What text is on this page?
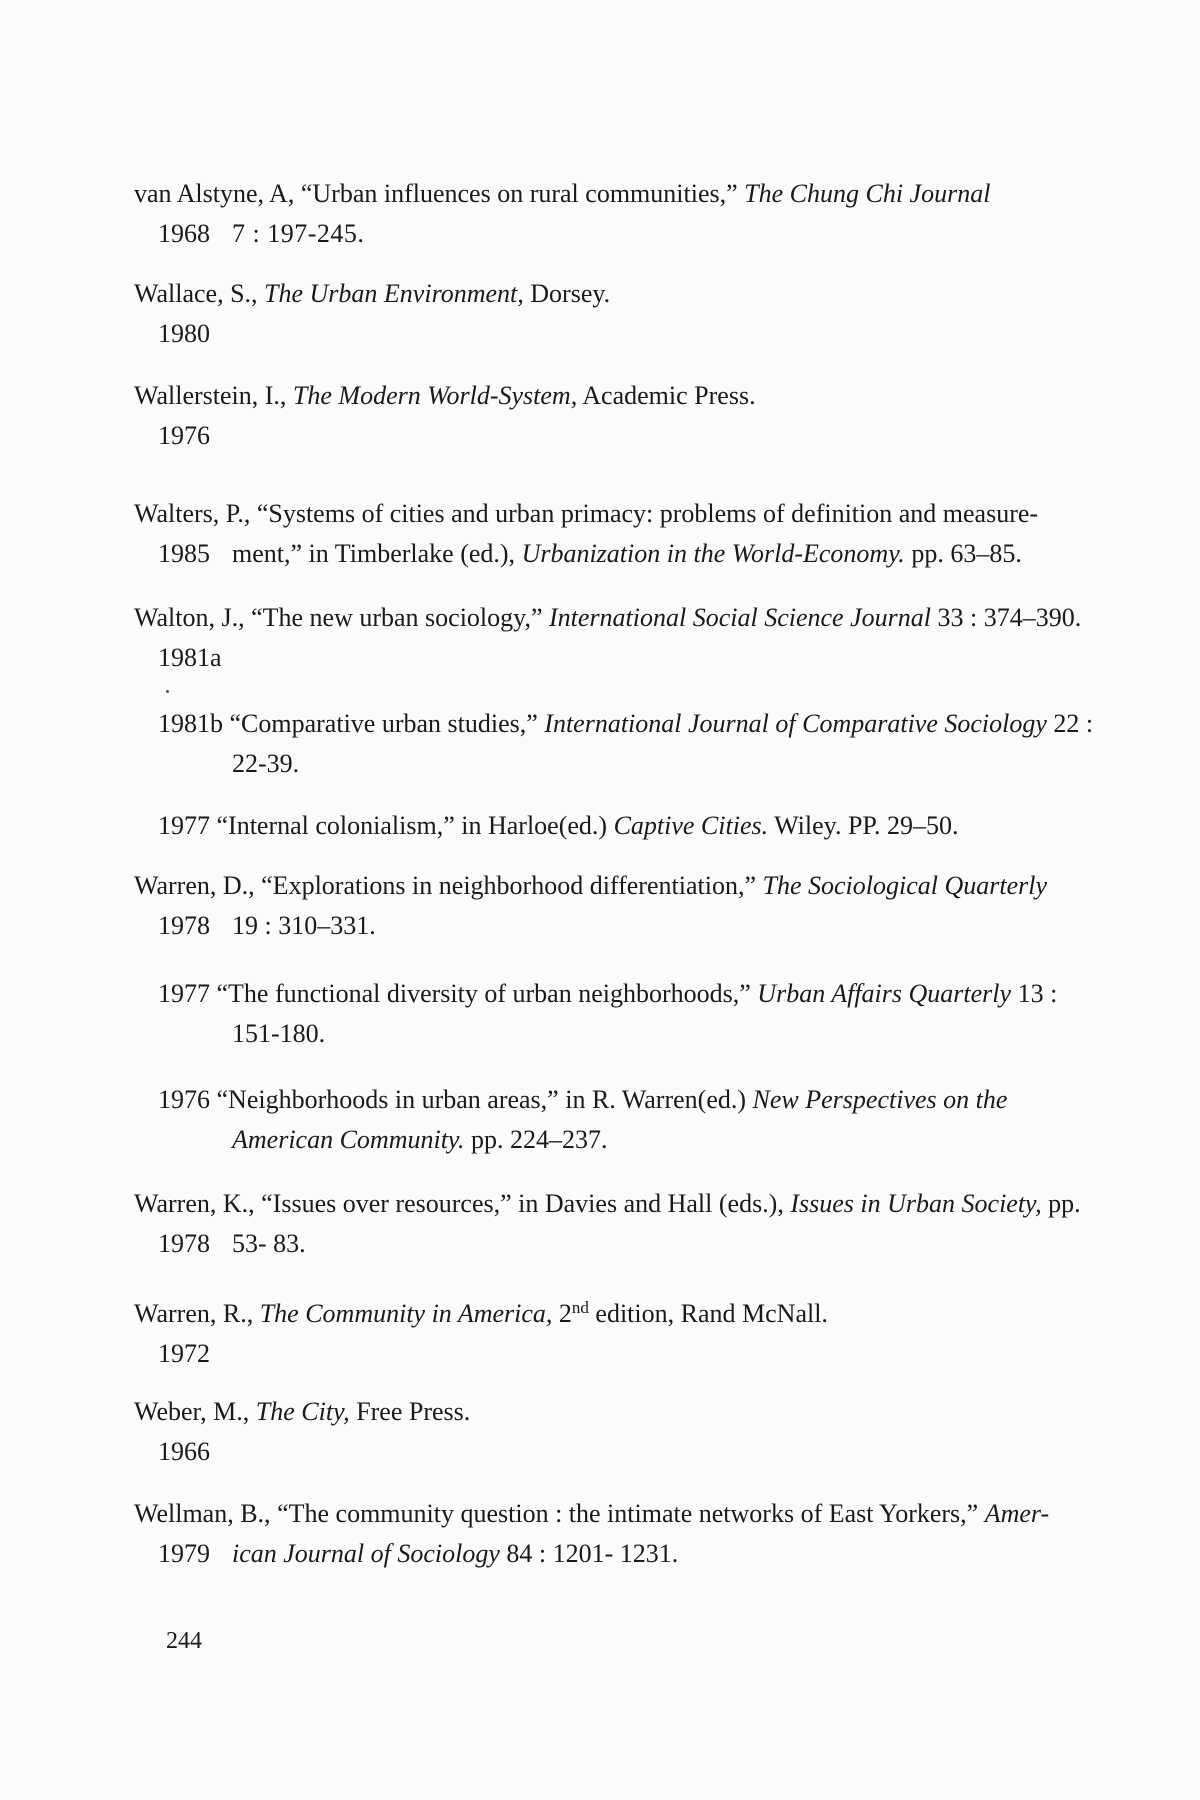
van Alstyne, A, “Urban influences on rural communities,” The Chung Chi Journal
1968 7 : 197-245.
Wallace, S., The Urban Environment, Dorsey.
1980
Wallerstein, I., The Modern World-System, Academic Press.
1976
Walters, P., “Systems of cities and urban primacy: problems of definition and measure-
1985 ment,” in Timberlake (ed.), Urbanization in the World-Economy. pp. 63–85.
Walton, J., “The new urban sociology,” International Social Science Journal 33 : 374–390.
1981a
1981b “Comparative urban studies,” International Journal of Comparative Sociology 22 :
22-39.
1977 “Internal colonialism,” in Harloe(ed.) Captive Cities. Wiley. PP. 29–50.
Warren, D., “Explorations in neighborhood differentiation,” The Sociological Quarterly
1978 19 : 310–331.
1977 “The functional diversity of urban neighborhoods,” Urban Affairs Quarterly 13 :
151-180.
1976 “Neighborhoods in urban areas,” in R. Warren(ed.) New Perspectives on the
American Community. pp. 224–237.
Warren, K., “Issues over resources,” in Davies and Hall (eds.), Issues in Urban Society, pp.
1978 53- 83.
Warren, R., The Community in America, 2nd edition, Rand McNall.
1972
Weber, M., The City, Free Press.
1966
Wellman, B., “The community question : the intimate networks of East Yorkers,” Amer-
1979 ican Journal of Sociology 84 : 1201- 1231.
244
